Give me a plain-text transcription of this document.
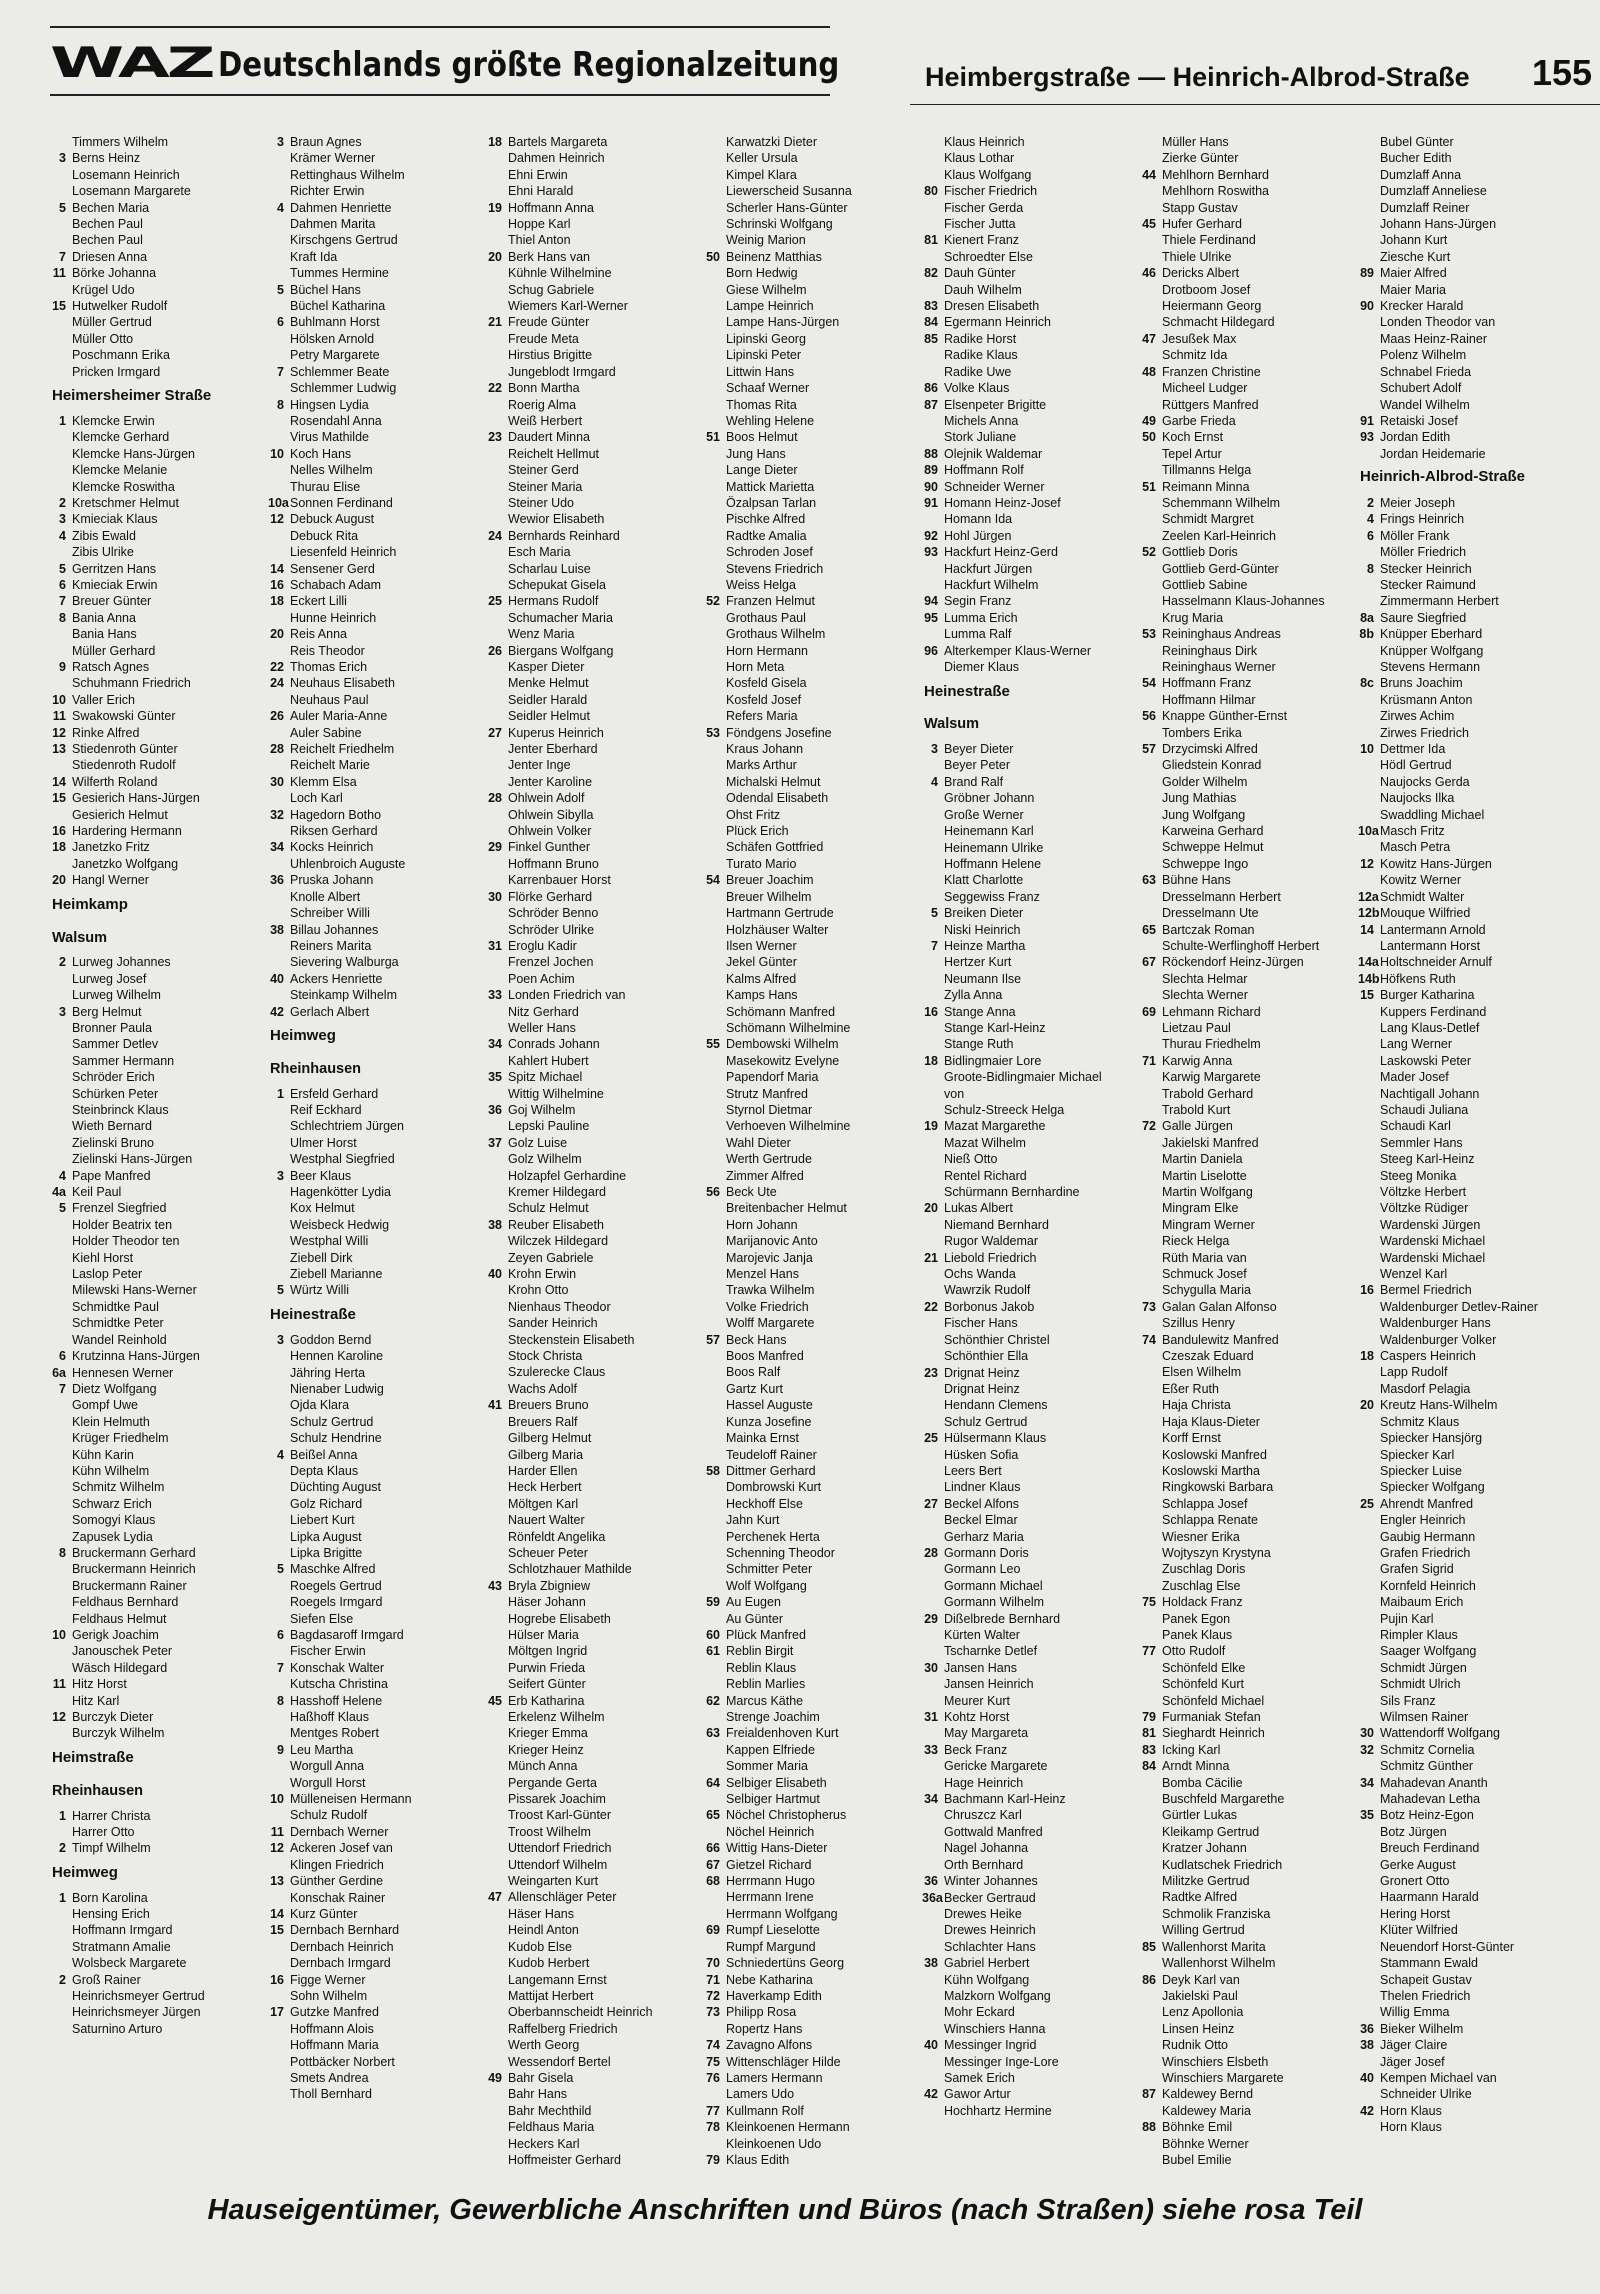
WAZ Deutschlands größte Regionalzeitung	Heimbergstraße — Heinrich-Albrod-Straße 155
Timmers Wilhelm
3 Berns Heinz
Losemann Heinrich
Losemann Margarete
5 Bechen Maria
Bechen Paul
Bechen Paul
7 Driesen Anna
11 Börke Johanna
Krügel Udo
15 Hutwelker Rudolf
Müller Gertrud
Müller Otto
Poschmann Erika
Pricken Irmgard
Heimersheimer Straße
1 Klemcke Erwin
Klemcke Gerhard
Klemcke Hans-Jürgen
Klemcke Melanie
Klemcke Roswitha
2 Kretschmer Helmut
3 Kmieciak Klaus
4 Zibis Ewald
Zibis Ulrike
5 Gerritzen Hans
6 Kmieciak Erwin
7 Breuer Günter
8 Bania Anna
Bania Hans
Müller Gerhard
9 Ratsch Agnes
Schuhmann Friedrich
10 Valler Erich
11 Swakowski Günter
12 Rinke Alfred
13 Stiedenroth Günter
Stiedenroth Rudolf
14 Wilferth Roland
15 Gesierich Hans-Jürgen
Gesierich Helmut
16 Hardering Hermann
18 Janetzko Fritz
Janetzko Wolfgang
20 Hangl Werner
Heimkamp
Walsum
2 Lurweg Johannes
Lurweg Josef
Lurweg Wilhelm
3 Berg Helmut
Bronner Paula
Sammer Detlev
Sammer Hermann
Schröder Erich
Schürken Peter
Steinbrinck Klaus
Wieth Bernard
Zielinski Bruno
Zielinski Hans-Jürgen
4 Pape Manfred
4a Keil Paul
5 Frenzel Siegfried
Holder Beatrix ten
Holder Theodor ten
Kiehl Horst
Laslop Peter
Milewski Hans-Werner
Schmidtke Paul
Schmidtke Peter
Wandel Reinhold
6 Krutzinna Hans-Jürgen
6a Hennesen Werner
7 Dietz Wolfgang
Gompf Uwe
Klein Helmuth
Krüger Friedhelm
Kühn Karin
Kühn Wilhelm
Schmitz Wilhelm
Schwarz Erich
Somogyi Klaus
Zapusek Lydia
8 Bruckermann Gerhard
Bruckermann Heinrich
Bruckermann Rainer
Feldhaus Bernhard
Feldhaus Helmut
10 Gerigk Joachim
Janouschek Peter
Wäsch Hildegard
11 Hitz Horst
Hitz Karl
12 Burczyk Dieter
Burczyk Wilhelm
Heimstraße
Rheinhausen
1 Harrer Christa
Harrer Otto
2 Timpf Wilhelm
Heimweg
1 Born Karolina
Hensing Erich
Hoffmann Irmgard
Stratmann Amalie
Wolsbeck Margarete
2 Groß Rainer
Heinrichsmeyer Gertrud
Heinrichsmeyer Jürgen
Saturnino Arturo
3 Braun Agnes
Krämer Werner
Rettinghaus Wilhelm
Richter Erwin
4 Dahmen Henriette
Dahmen Marita
Kirschgens Gertrud
Kraft Ida
Tummes Hermine
5 Büchel Hans
Büchel Katharina
6 Buhlmann Horst
Hölsken Arnold
Petry Margarete
7 Schlemmer Beate
Schlemmer Ludwig
8 Hingsen Lydia
Rosendahl Anna
Virus Mathilde
10 Koch Hans
Nelles Wilhelm
Thurau Elise
10a Sonnen Ferdinand
12 Debuck August
Debuck Rita
Liesenfeld Heinrich
14 Sensener Gerd
16 Schabach Adam
18 Eckert Lilli
Hunne Heinrich
20 Reis Anna
Reis Theodor
22 Thomas Erich
24 Neuhaus Elisabeth
Neuhaus Paul
26 Auler Maria-Anne
Auler Sabine
28 Reichelt Friedhelm
Reichelt Marie
30 Klemm Elsa
Loch Karl
32 Hagedorn Botho
Riksen Gerhard
34 Kocks Heinrich
Uhlenbroich Auguste
36 Pruska Johann
Knolle Albert
Schreiber Willi
38 Billau Johannes
Reiners Marita
Sievering Walburga
40 Ackers Henriette
Steinkamp Wilhelm
42 Gerlach Albert
Heimweg
Rheinhausen
1 Ersfeld Gerhard
Reif Eckhard
Schlechtriem Jürgen
Ulmer Horst
Westphal Siegfried
3 Beer Klaus
Hagenkötter Lydia
Kox Helmut
Weisbeck Hedwig
Westphal Willi
Ziebell Dirk
Ziebell Marianne
5 Würtz Willi
Heinestraße
3 Goddon Bernd
Hennen Karoline
Jähring Herta
Nienaber Ludwig
Ojda Klara
Schulz Gertrud
Schulz Hendrine
4 Beißel Anna
Depta Klaus
Düchting August
Golz Richard
Liebert Kurt
Lipka August
Lipka Brigitte
5 Maschke Alfred
Roegels Gertrud
Roegels Irmgard
Siefen Else
6 Bagdasaroff Irmgard
Fischer Erwin
7 Konschak Walter
Kutscha Christina
8 Hasshoff Helene
Haßhoff Klaus
Mentges Robert
9 Leu Martha
Worgull Anna
Worgull Horst
10 Mülleneisen Hermann
Schulz Rudolf
11 Dernbach Werner
12 Ackeren Josef van
Klingen Friedrich
13 Günther Gerdine
Konschak Rainer
14 Kurz Günter
15 Dernbach Bernhard
Dernbach Heinrich
Dernbach Irmgard
16 Figge Werner
Sohn Wilhelm
17 Gutzke Manfred
Hoffmann Alois
Hoffmann Maria
Pottbäcker Norbert
Smets Andrea
Tholl Bernhard
18 Bartels Margareta
Dahmen Heinrich
Ehni Erwin
Ehni Harald
19 Hoffmann Anna
Hoppe Karl
Thiel Anton
20 Berk Hans van
Kühnle Wilhelmine
Schug Gabriele
Wiemers Karl-Werner
21 Freude Günter
Freude Meta
Hirstius Brigitte
Jungeblodt Irmgard
22 Bonn Martha
Roerig Alma
Weiß Herbert
23 Daudert Minna
Reichelt Hellmut
Steiner Gerd
Steiner Maria
Steiner Udo
Wewior Elisabeth
24 Bernhards Reinhard
Esch Maria
Scharlau Luise
Schepukat Gisela
25 Hermans Rudolf
Schumacher Maria
Wenz Maria
26 Biergans Wolfgang
Kasper Dieter
Menke Helmut
Seidler Harald
Seidler Helmut
27 Kuperus Heinrich
Jenter Eberhard
Jenter Inge
Jenter Karoline
28 Ohlwein Adolf
Ohlwein Sibylla
Ohlwein Volker
29 Finkel Gunther
Hoffmann Bruno
Karrenbauer Horst
30 Flörke Gerhard
Schröder Benno
Schröder Ulrike
31 Eroglu Kadir
Frenzel Jochen
Poen Achim
33 Londen Friedrich van
Nitz Gerhard
Weller Hans
34 Conrads Johann
Kahlert Hubert
35 Spitz Michael
Wittig Wilhelmine
36 Goj Wilhelm
Lepski Pauline
37 Golz Luise
Golz Wilhelm
Holzapfel Gerhardine
Kremer Hildegard
Schulz Helmut
38 Reuber Elisabeth
Wilczek Hildegard
Zeyen Gabriele
40 Krohn Erwin
Krohn Otto
Nienhaus Theodor
Sander Heinrich
Steckenstein Elisabeth
Stock Christa
Szulerecke Claus
Wachs Adolf
41 Breuers Bruno
Breuers Ralf
Gilberg Helmut
Gilberg Maria
Harder Ellen
Heck Herbert
Möltgen Karl
Nauert Walter
Rönfeldt Angelika
Scheuer Peter
Schlotzhauer Mathilde
43 Bryla Zbigniew
Häser Johann
Hogrebe Elisabeth
Hülser Maria
Möltgen Ingrid
Purwin Frieda
Seifert Günter
45 Erb Katharina
Erkelenz Wilhelm
Krieger Emma
Krieger Heinz
Münch Anna
Pergande Gerta
Pissarek Joachim
Troost Karl-Günter
Troost Wilhelm
Uttendorf Friedrich
Uttendorf Wilhelm
Weingarten Kurt
47 Allenschläger Peter
Häser Hans
Heindl Anton
Kudob Else
Kudob Herbert
Langemann Ernst
Mattijat Herbert
Oberbannscheidt Heinrich
Raffelberg Friedrich
Werth Georg
Wessendorf Bertel
49 Bahr Gisela
Bahr Hans
Bahr Mechthild
Feldhaus Maria
Heckers Karl
Hoffmeister Gerhard
Karwatzki Dieter
Keller Ursula
Kimpel Klara
Liewerscheid Susanna
Scherler Hans-Günter
Schrinski Wolfgang
Weinig Marion
50 Beinenz Matthias
Born Hedwig
Giese Wilhelm
Lampe Heinrich
Lampe Hans-Jürgen
Lipinski Georg
Lipinski Peter
Littwin Hans
Schaaf Werner
Thomas Rita
Wehling Helene
51 Boos Helmut
Jung Hans
Lange Dieter
Mattick Marietta
Özalpsan Tarlan
Pischke Alfred
Radtke Amalia
Schroden Josef
Stevens Friedrich
Weiss Helga
52 Franzen Helmut
Grothaus Paul
Grothaus Wilhelm
Horn Hermann
Horn Meta
Kosfeld Gisela
Kosfeld Josef
Refers Maria
53 Föndgens Josefine
Kraus Johann
Marks Arthur
Michalski Helmut
Odendal Elisabeth
Ohst Fritz
Plück Erich
Schäfen Gottfried
Turato Mario
54 Breuer Joachim
Breuer Wilhelm
Hartmann Gertrude
Holzhäuser Walter
Ilsen Werner
Jekel Günter
Kalms Alfred
Kamps Hans
Schömann Manfred
Schömann Wilhelmine
55 Dembowski Wilhelm
Masekowitz Evelyne
Papendorf Maria
Strutz Manfred
Styrnol Dietmar
Verhoeven Wilhelmine
Wahl Dieter
Werth Gertrude
Zimmer Alfred
56 Beck Ute
Breitenbacher Helmut
Horn Johann
Marijanovic Anto
Marojevic Janja
Menzel Hans
Trawka Wilhelm
Volke Friedrich
Wolff Margarete
57 Beck Hans
Boos Manfred
Boos Ralf
Gartz Kurt
Hassel Auguste
Kunza Josefine
Mainka Ernst
Teudeloff Rainer
58 Dittmer Gerhard
Dombrowski Kurt
Heckhoff Else
Jahn Kurt
Perchenek Herta
Schenning Theodor
Schmitter Peter
Wolf Wolfgang
59 Au Eugen
Au Günter
60 Plück Manfred
61 Reblin Birgit
Reblin Klaus
Reblin Marlies
62 Marcus Käthe
Strenge Joachim
63 Freialdenhoven Kurt
Kappen Elfriede
Sommer Maria
64 Selbiger Elisabeth
Selbiger Hartmut
65 Nöchel Christopherus
Nöchel Heinrich
66 Wittig Hans-Dieter
67 Gietzel Richard
68 Herrmann Hugo
Herrmann Irene
Herrmann Wolfgang
69 Rumpf Lieselotte
Rumpf Margund
70 Schniedertüns Georg
71 Nebe Katharina
72 Haverkamp Edith
73 Philipp Rosa
Ropertz Hans
74 Zavagno Alfons
75 Wittenschläger Hilde
76 Lamers Hermann
Lamers Udo
77 Kullmann Rolf
78 Kleinkoenen Hermann
Kleinkoenen Udo
79 Klaus Edith
Klaus Heinrich
Klaus Lothar
Klaus Wolfgang
80 Fischer Friedrich
Fischer Gerda
Fischer Jutta
81 Kienert Franz
Schroedter Else
82 Dauh Günter
Dauh Wilhelm
83 Dresen Elisabeth
84 Egermann Heinrich
85 Radike Horst
Radike Klaus
Radike Uwe
86 Volke Klaus
87 Elsenpeter Brigitte
Michels Anna
Stork Juliane
88 Olejnik Waldemar
89 Hoffmann Rolf
90 Schneider Werner
91 Homann Heinz-Josef
Homann Ida
92 Hohl Jürgen
93 Hackfurt Heinz-Gerd
Hackfurt Jürgen
Hackfurt Wilhelm
94 Segin Franz
95 Lumma Erich
Lumma Ralf
96 Alterkemper Klaus-Werner
Diemer Klaus
Heinestraße
Walsum
3 Beyer Dieter
Beyer Peter
4 Brand Ralf
Gröbner Johann
Große Werner
Heinemann Karl
Heinemann Ulrike
Hoffmann Helene
Klatt Charlotte
Seggewiss Franz
5 Breiken Dieter
Niski Heinrich
7 Heinze Martha
Hertzer Kurt
Neumann Ilse
Zylla Anna
16 Stange Anna
Stange Karl-Heinz
Stange Ruth
18 Bidlingmaier Lore
Groote-Bidlingmaier Michael
von
Schulz-Streeck Helga
19 Mazat Margarethe
Mazat Wilhelm
Nieß Otto
Rentel Richard
Schürmann Bernhardine
20 Lukas Albert
Niemand Bernhard
Rugor Waldemar
21 Liebold Friedrich
Ochs Wanda
Wawrzik Rudolf
22 Borbonus Jakob
Fischer Hans
Schönthier Christel
Schönthier Ella
23 Drignat Heinz
Drignat Heinz
Hendann Clemens
Schulz Gertrud
25 Hülsermann Klaus
Hüsken Sofia
Leers Bert
Lindner Klaus
27 Beckel Alfons
Beckel Elmar
Gerharz Maria
28 Gormann Doris
Gormann Leo
Gormann Michael
Gormann Wilhelm
29 Dißelbrede Bernhard
Kürten Walter
Tscharnke Detlef
30 Jansen Hans
Jansen Heinrich
Meurer Kurt
31 Kohtz Horst
May Margareta
33 Beck Franz
Gericke Margarete
Hage Heinrich
34 Bachmann Karl-Heinz
Chruszcz Karl
Gottwald Manfred
Nagel Johanna
Orth Bernhard
36 Winter Johannes
36a Becker Gertraud
Drewes Heike
Drewes Heinrich
Schlachter Hans
38 Gabriel Herbert
Kühn Wolfgang
Malzkorn Wolfgang
Mohr Eckard
Winschiers Hanna
40 Messinger Ingrid
Messinger Inge-Lore
Samek Erich
42 Gawor Artur
Hochhartz Hermine
Müller Hans
Zierke Günter
44 Mehlhorn Bernhard
Mehlhorn Roswitha
Stapp Gustav
45 Hufer Gerhard
Thiele Ferdinand
Thiele Ulrike
46 Dericks Albert
Drotboom Josef
Heiermann Georg
Schmacht Hildegard
47 Jesußek Max
Schmitz Ida
48 Franzen Christine
Micheel Ludger
Rüttgers Manfred
49 Garbe Frieda
50 Koch Ernst
Tepel Artur
Tillmanns Helga
51 Reimann Minna
Schemmann Wilhelm
Schmidt Margret
Zeelen Karl-Heinrich
52 Gottlieb Doris
Gottlieb Gerd-Günter
Gottlieb Sabine
Hasselmann Klaus-Johannes
Krug Maria
53 Reininghaus Andreas
Reininghaus Dirk
Reininghaus Werner
54 Hoffmann Franz
Hoffmann Hilmar
56 Knappe Günther-Ernst
Tombers Erika
57 Drzycimski Alfred
Gliedstein Konrad
Golder Wilhelm
Jung Mathias
Jung Wolfgang
Karweina Gerhard
Schweppe Helmut
Schweppe Ingo
63 Bühne Hans
Dresselmann Herbert
Dresselmann Ute
65 Bartczak Roman
Schulte-Werflinghoff Herbert
67 Röckendorf Heinz-Jürgen
Slechta Helmar
Slechta Werner
69 Lehmann Richard
Lietzau Paul
Thurau Friedhelm
71 Karwig Anna
Karwig Margarete
Trabold Gerhard
Trabold Kurt
72 Galle Jürgen
Jakielski Manfred
Martin Daniela
Martin Liselotte
Martin Wolfgang
Mingram Elke
Mingram Werner
Rieck Helga
Rüth Maria van
Schmuck Josef
Schygulla Maria
73 Galan Galan Alfonso
Szillus Henry
74 Bandulewitz Manfred
Czeszak Eduard
Elsen Wilhelm
Eßer Ruth
Haja Christa
Haja Klaus-Dieter
Korff Ernst
Koslowski Manfred
Koslowski Martha
Ringkowski Barbara
Schlappa Josef
Schlappa Renate
Wiesner Erika
Wojtyszyn Krystyna
Zuschlag Doris
Zuschlag Else
75 Holdack Franz
Panek Egon
Panek Klaus
77 Otto Rudolf
Schönfeld Elke
Schönfeld Kurt
Schönfeld Michael
79 Furmaniak Stefan
81 Sieghardt Heinrich
83 Icking Karl
84 Arndt Minna
Bomba Cäcilie
Buschfeld Margarethe
Gürtler Lukas
Kleikamp Gertrud
Kratzer Johann
Kudlatschek Friedrich
Militzke Gertrud
Radtke Alfred
Schmolik Franziska
Willing Gertrud
85 Wallenhorst Marita
Wallenhorst Wilhelm
86 Deyk Karl van
Jakielski Paul
Lenz Apollonia
Linsen Heinz
Rudnik Otto
Winschiers Elsbeth
Winschiers Margarete
87 Kaldewey Bernd
Kaldewey Maria
88 Böhnke Emil
Böhnke Werner
Bubel Emilie
Bubel Günter
Bucher Edith
Dumzlaff Anna
Dumzlaff Anneliese
Dumzlaff Reiner
Johann Hans-Jürgen
Johann Kurt
Ziesche Kurt
89 Maier Alfred
Maier Maria
90 Krecker Harald
Londen Theodor van
Maas Heinz-Rainer
Polenz Wilhelm
Schnabel Frieda
Schubert Adolf
Wandel Wilhelm
91 Retaiski Josef
93 Jordan Edith
Jordan Heidemarie
Heinrich-Albrod-Straße
2 Meier Joseph
4 Frings Heinrich
6 Möller Frank
Möller Friedrich
8 Stecker Heinrich
Stecker Raimund
Zimmermann Herbert
8a Saure Siegfried
8b Knüpper Eberhard
Knüpper Wolfgang
Stevens Hermann
8c Bruns Joachim
Krüsmann Anton
Zirwes Achim
Zirwes Friedrich
10 Dettmer Ida
Hödl Gertrud
Naujocks Gerda
Naujocks Ilka
Swaddling Michael
10a Masch Fritz
Masch Petra
12 Kowitz Hans-Jürgen
Kowitz Werner
12a Schmidt Walter
12b Mouque Wilfried
14 Lantermann Arnold
Lantermann Horst
14a Holtschneider Arnulf
14b Höfkens Ruth
15 Burger Katharina
Kuppers Ferdinand
Lang Klaus-Detlef
Lang Werner
Laskowski Peter
Mader Josef
Nachtigall Johann
Schaudi Juliana
Schaudi Karl
Semmler Hans
Steeg Karl-Heinz
Steeg Monika
Völtzke Herbert
Völtzke Rüdiger
Wardenski Jürgen
Wardenski Michael
Wardenski Michael
Wenzel Karl
16 Bermel Friedrich
Waldenburger Detlev-Rainer
Waldenburger Hans
Waldenburger Volker
18 Caspers Heinrich
Lapp Rudolf
Masdorf Pelagia
20 Kreutz Hans-Wilhelm
Schmitz Klaus
Spiecker Hansjörg
Spiecker Karl
Spiecker Luise
Spiecker Wolfgang
25 Ahrendt Manfred
Engler Heinrich
Gaubig Hermann
Grafen Friedrich
Grafen Sigrid
Kornfeld Heinrich
Maibaum Erich
Pujin Karl
Rimpler Klaus
Saager Wolfgang
Schmidt Jürgen
Schmidt Ulrich
Sils Franz
Wilmsen Rainer
30 Wattendorff Wolfgang
32 Schmitz Cornelia
Schmitz Günther
34 Mahadevan Ananth
Mahadevan Letha
35 Botz Heinz-Egon
Botz Jürgen
Breuch Ferdinand
Gerke August
Gronert Otto
Haarmann Harald
Hering Horst
Klüter Wilfried
Neuendorf Horst-Günter
Stammann Ewald
Schapeit Gustav
Thelen Friedrich
Willig Emma
36 Bieker Wilhelm
38 Jäger Claire
Jäger Josef
40 Kempen Michael van
Schneider Ulrike
42 Horn Klaus
Horn Klaus
Hauseigentümer, Gewerbliche Anschriften und Büros (nach Straßen) siehe rosa Teil
